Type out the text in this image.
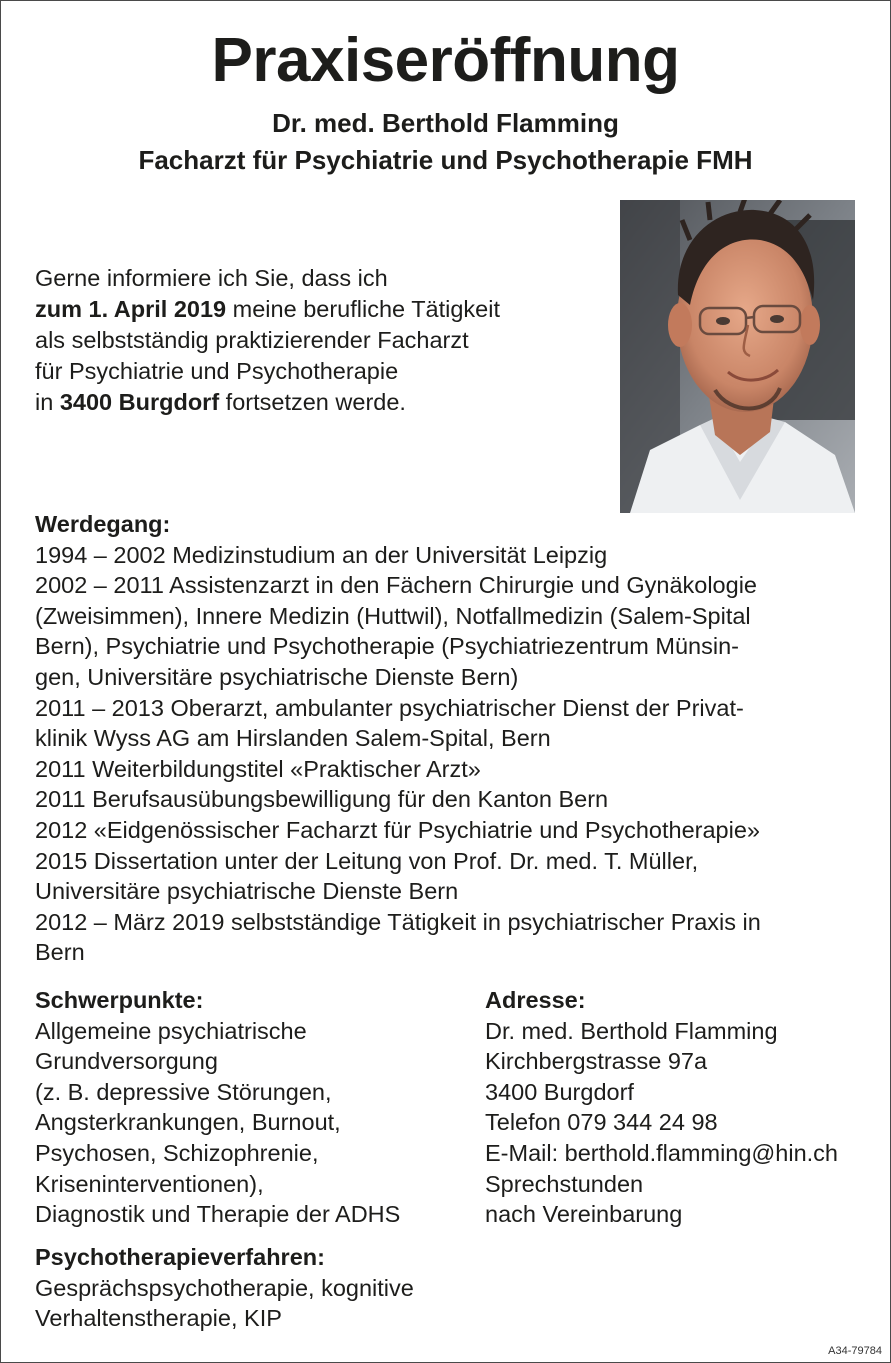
Praxiseröffnung
Dr. med. Berthold Flamming
Facharzt für Psychiatrie und Psychotherapie FMH
Gerne informiere ich Sie, dass ich
zum 1. April 2019 meine berufliche Tätigkeit
als selbstständig praktizierender Facharzt
für Psychiatrie und Psychotherapie
in 3400 Burgdorf fortsetzen werde.
Werdegang:
1994 – 2002 Medizinstudium an der Universität Leipzig
2002 – 2011 Assistenzarzt in den Fächern Chirurgie und Gynäkologie
(Zweisimmen), Innere Medizin (Huttwil), Notfallmedizin (Salem-Spital
Bern), Psychiatrie und Psychotherapie (Psychiatriezentrum Münsin-
gen, Universitäre psychiatrische Dienste Bern)
2011 – 2013 Oberarzt, ambulanter psychiatrischer Dienst der Privat-
klinik Wyss AG am Hirslanden Salem-Spital, Bern
2011 Weiterbildungstitel «Praktischer Arzt»
2011 Berufsausübungsbewilligung für den Kanton Bern
2012 «Eidgenössischer Facharzt für Psychiatrie und Psychotherapie»
2015 Dissertation unter der Leitung von Prof. Dr. med. T. Müller,
Universitäre psychiatrische Dienste Bern
2012 – März 2019 selbstständige Tätigkeit in psychiatrischer Praxis in
Bern
Schwerpunkte:
Allgemeine psychiatrische
Grundversorgung
(z. B. depressive Störungen,
Angsterkrankungen, Burnout,
Psychosen, Schizophrenie,
Kriseninterventionen),
Diagnostik und Therapie der ADHS
Adresse:
Dr. med. Berthold Flamming
Kirchbergstrasse 97a
3400 Burgdorf
Telefon 079 344 24 98
E-Mail: berthold.flamming@hin.ch
Sprechstunden
nach Vereinbarung
Psychotherapieverfahren:
Gesprächspsychotherapie, kognitive
Verhaltenstherapie, KIP
A34-79784
